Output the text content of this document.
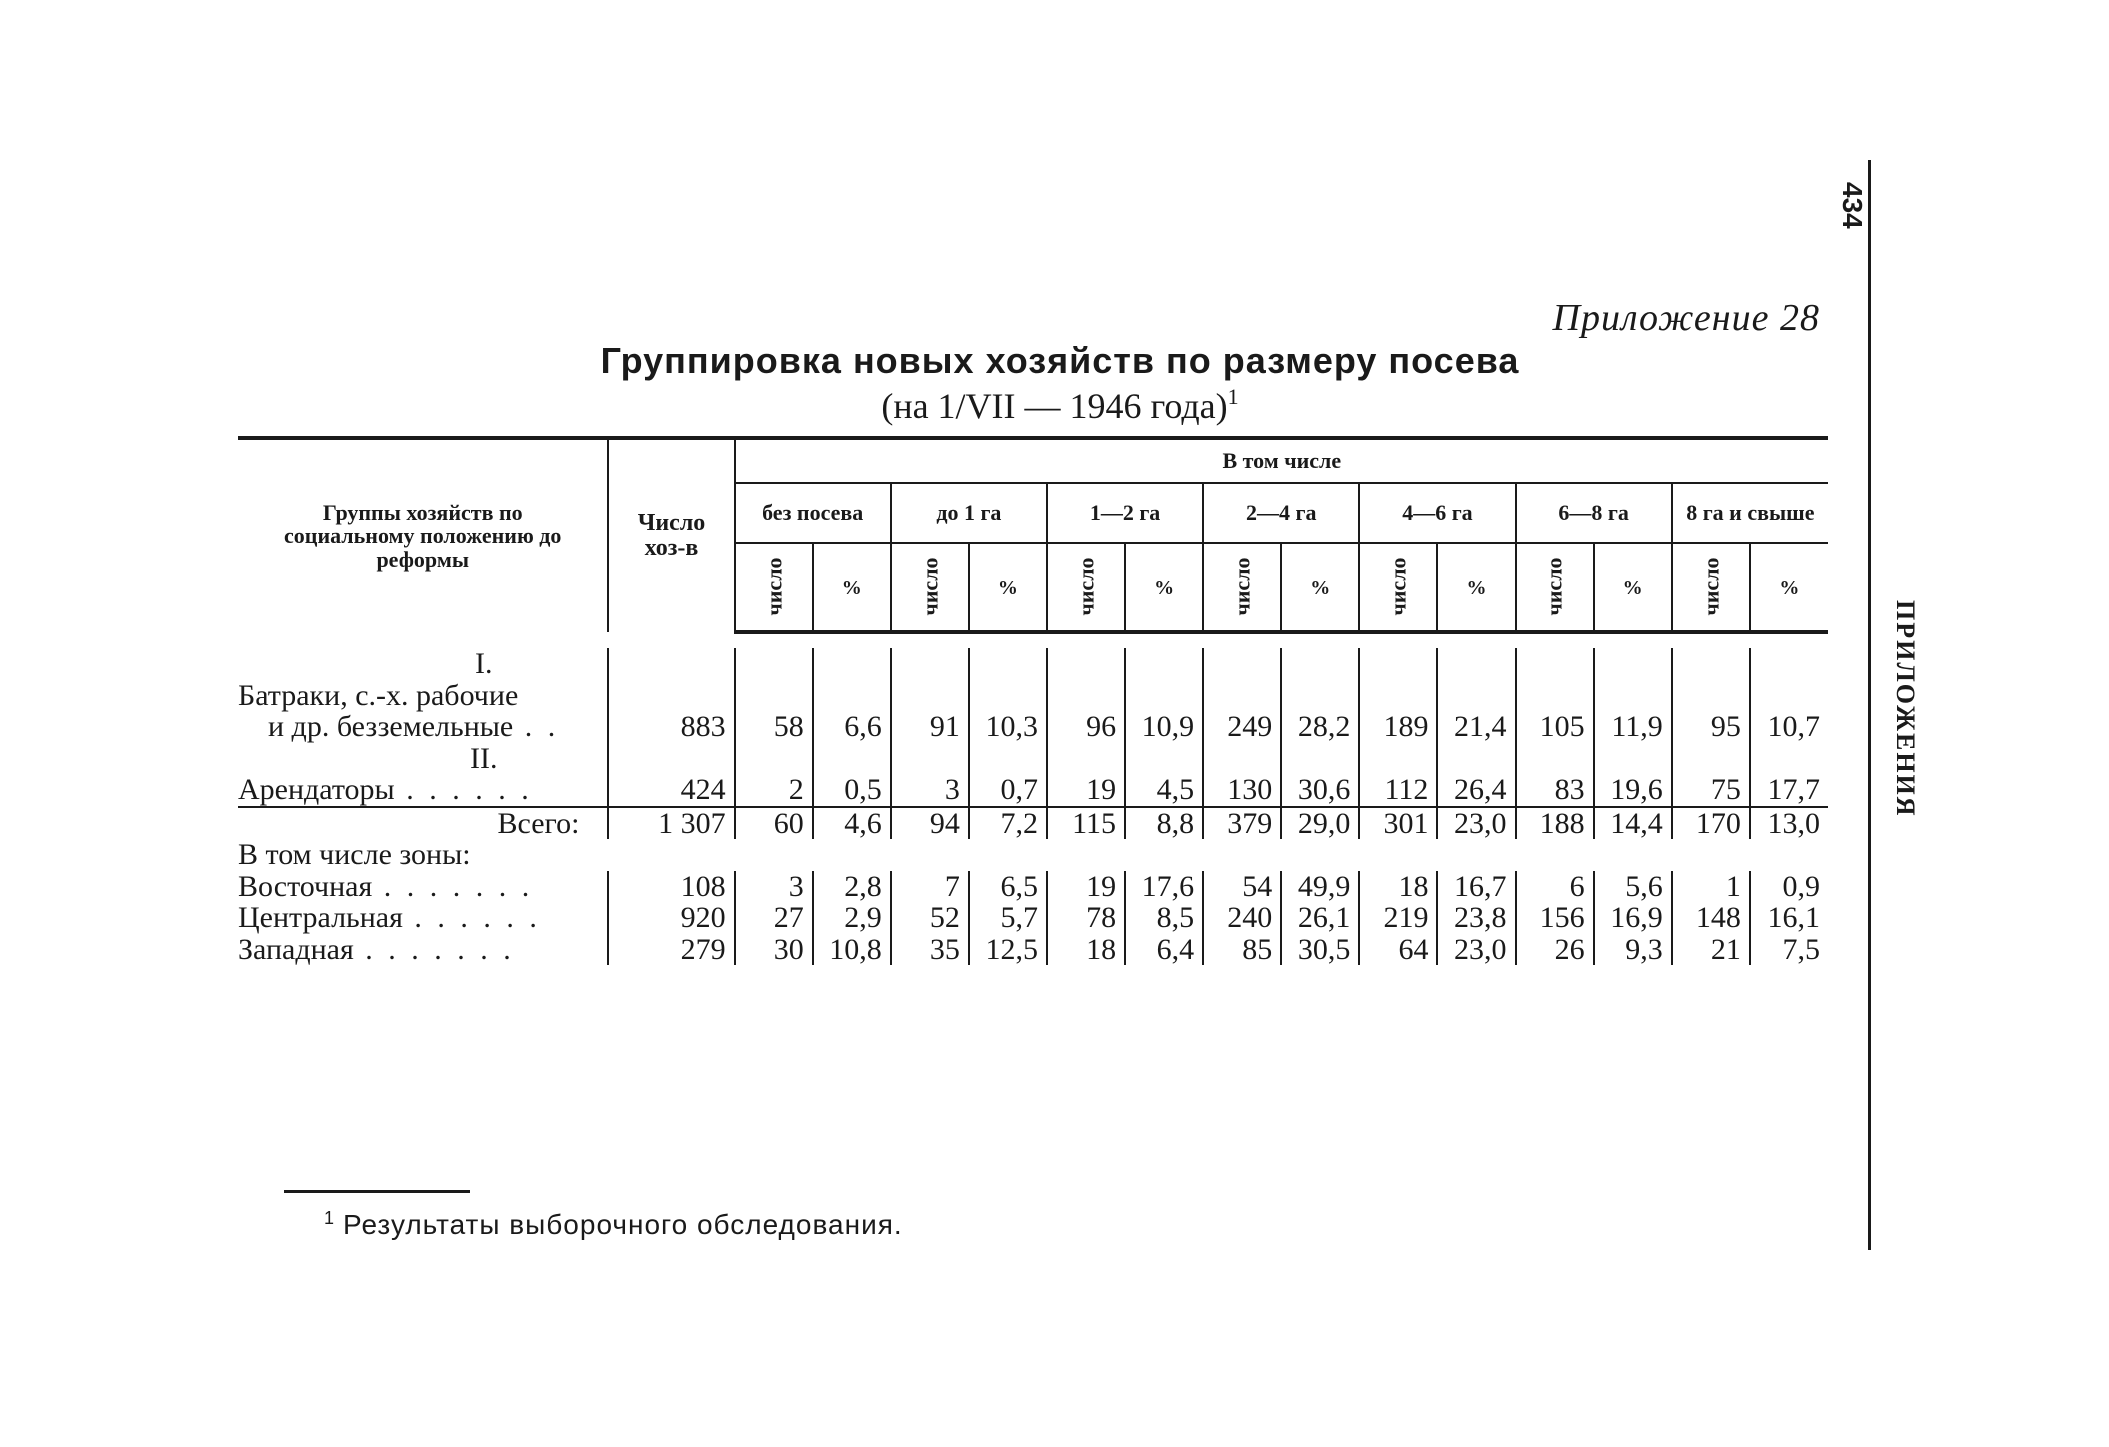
Приложение 28
Группировка новых хозяйств по размеру посева
(на 1/VII — 1946 года)$^1$
434
ПРИЛОЖЕНИЯ
Группы хозяйств по социальному положению до реформы	Число хоз-в	В том числе													
		без посева		до 1 га		1—2 га		2—4 га		4—6 га		6—8 га		8 га и свыше	
		число	%	число	%	число	%	число	%	число	%	число	%	число	%

I.															
Батраки, с.-х. рабочие															
и др. безземельные . .	883	58	6,6	91	10,3	96	10,9	249	28,2	189	21,4	105	11,9	95	10,7
II.															
Арендаторы . . . . . .	424	2	0,5	3	0,7	19	4,5	130	30,6	112	26,4	83	19,6	75	17,7
Всего:	1 307	60	4,6	94	7,2	115	8,8	379	29,0	301	23,0	188	14,4	170	13,0
В том числе зоны:															
Восточная . . . . . . .	108	3	2,8	7	6,5	19	17,6	54	49,9	18	16,7	6	5,6	1	0,9
Центральная . . . . . .	920	27	2,9	52	5,7	78	8,5	240	26,1	219	23,8	156	16,9	148	16,1
Западная . . . . . . .	279	30	10,8	35	12,5	18	6,4	85	30,5	64	23,0	26	9,3	21	7,5
$^1$ Результаты выборочного обследования.
